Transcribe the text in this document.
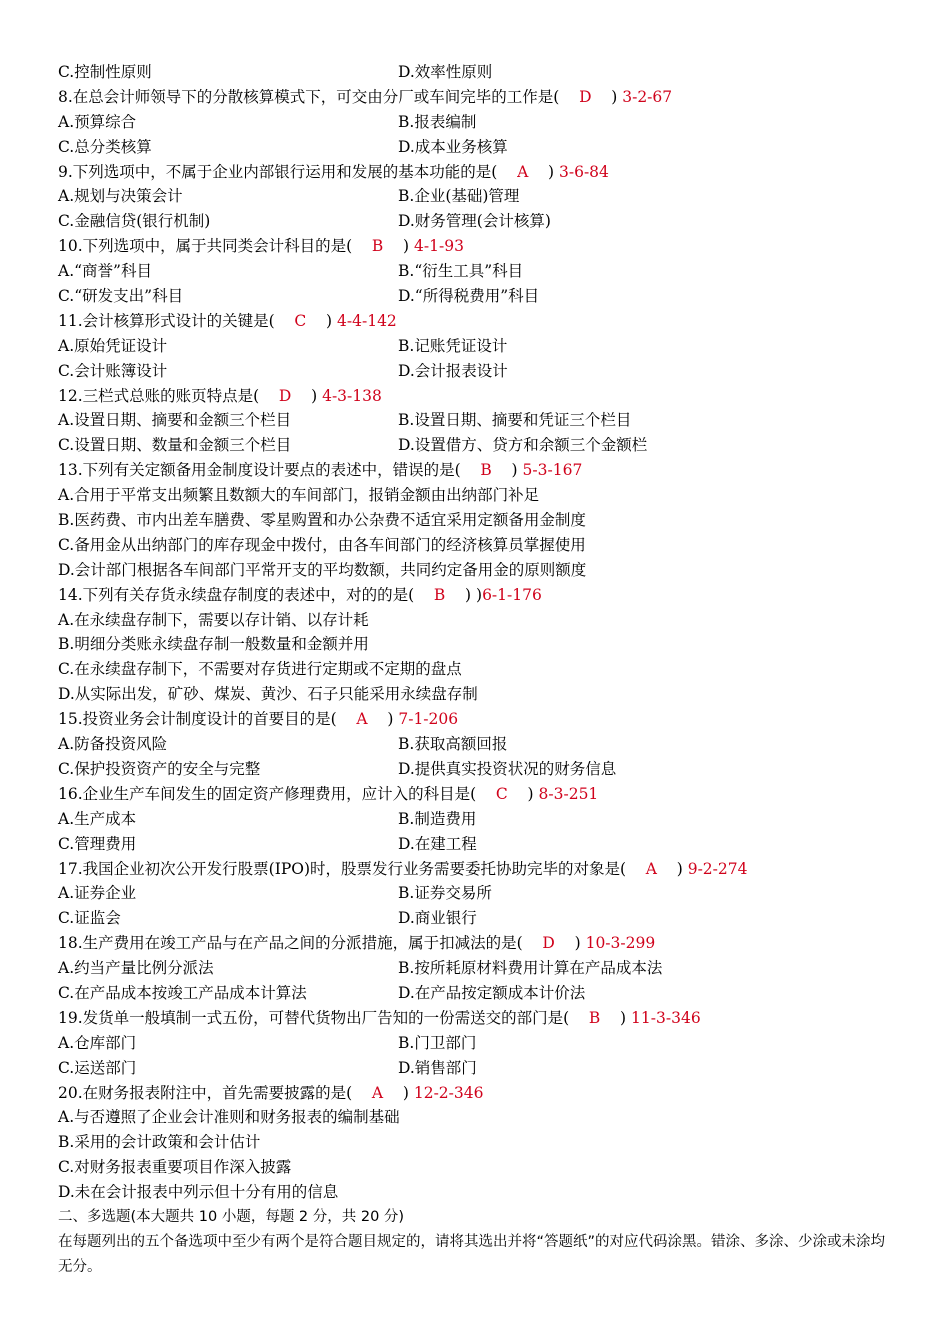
C.控制性原则	D.效率性原则
8.在总会计师领导下的分散核算模式下，可交由分厂或车间完毕的工作是( D ) 3-2-67
A.预算综合	B.报表编制
C.总分类核算	D.成本业务核算
9.下列选项中，不属于企业内部银行运用和发展的基本功能的是( A ) 3-6-84
A.规划与决策会计	B.企业(基础)管理
C.金融信贷(银行机制)	D.财务管理(会计核算)
10.下列选项中，属于共同类会计科目的是( B ) 4-1-93
A.“商誉”科目	B.“衍生工具”科目
C.“研发支出”科目	D.“所得税费用”科目
11.会计核算形式设计的关键是( C ) 4-4-142
A.原始凭证设计	B.记账凭证设计
C.会计账簿设计	D.会计报表设计
12.三栏式总账的账页特点是( D ) 4-3-138
A.设置日期、摘要和金额三个栏目	B.设置日期、摘要和凭证三个栏目
C.设置日期、数量和金额三个栏目	D.设置借方、贷方和余额三个金额栏
13.下列有关定额备用金制度设计要点的表述中，错误的是( B ) 5-3-167
A.合用于平常支出频繁且数额大的车间部门，报销金额由出纳部门补足
B.医药费、市内出差车膳费、零星购置和办公杂费不适宜采用定额备用金制度
C.备用金从出纳部门的库存现金中拨付，由各车间部门的经济核算员掌握使用
D.会计部门根据各车间部门平常开支的平均数额，共同约定备用金的原则额度
14.下列有关存货永续盘存制度的表述中，对的的是( B ) )6-1-176
A.在永续盘存制下，需要以存计销、以存计耗
B.明细分类账永续盘存制一般数量和金额并用
C.在永续盘存制下，不需要对存货进行定期或不定期的盘点
D.从实际出发，矿砂、煤炭、黄沙、石子只能采用永续盘存制
15.投资业务会计制度设计的首要目的是( A ) 7-1-206
A.防备投资风险	B.获取高额回报
C.保护投资资产的安全与完整	D.提供真实投资状况的财务信息
16.企业生产车间发生的固定资产修理费用，应计入的科目是( C ) 8-3-251
A.生产成本	B.制造费用
C.管理费用	D.在建工程
17.我国企业初次公开发行股票(IPO)时，股票发行业务需要委托协助完毕的对象是( A ) 9-2-274
A.证券企业	B.证券交易所
C.证监会	D.商业银行
18.生产费用在竣工产品与在产品之间的分派措施，属于扣减法的是( D ) 10-3-299
A.约当产量比例分派法	B.按所耗原材料费用计算在产品成本法
C.在产品成本按竣工产品成本计算法	D.在产品按定额成本计价法
19.发货单一般填制一式五份，可替代货物出厂告知的一份需送交的部门是( B ) 11-3-346
A.仓库部门	B.门卫部门
C.运送部门	D.销售部门
20.在财务报表附注中，首先需要披露的是( A ) 12-2-346
A.与否遵照了企业会计准则和财务报表的编制基础
B.采用的会计政策和会计估计
C.对财务报表重要项目作深入披露
D.未在会计报表中列示但十分有用的信息
二、多选题(本大题共 10 小题，每题 2 分，共 20 分)
在每题列出的五个备选项中至少有两个是符合题目规定的，请将其选出并将“答题纸”的对应代码涂黑。错涂、多涂、少涂或未涂均无分。
